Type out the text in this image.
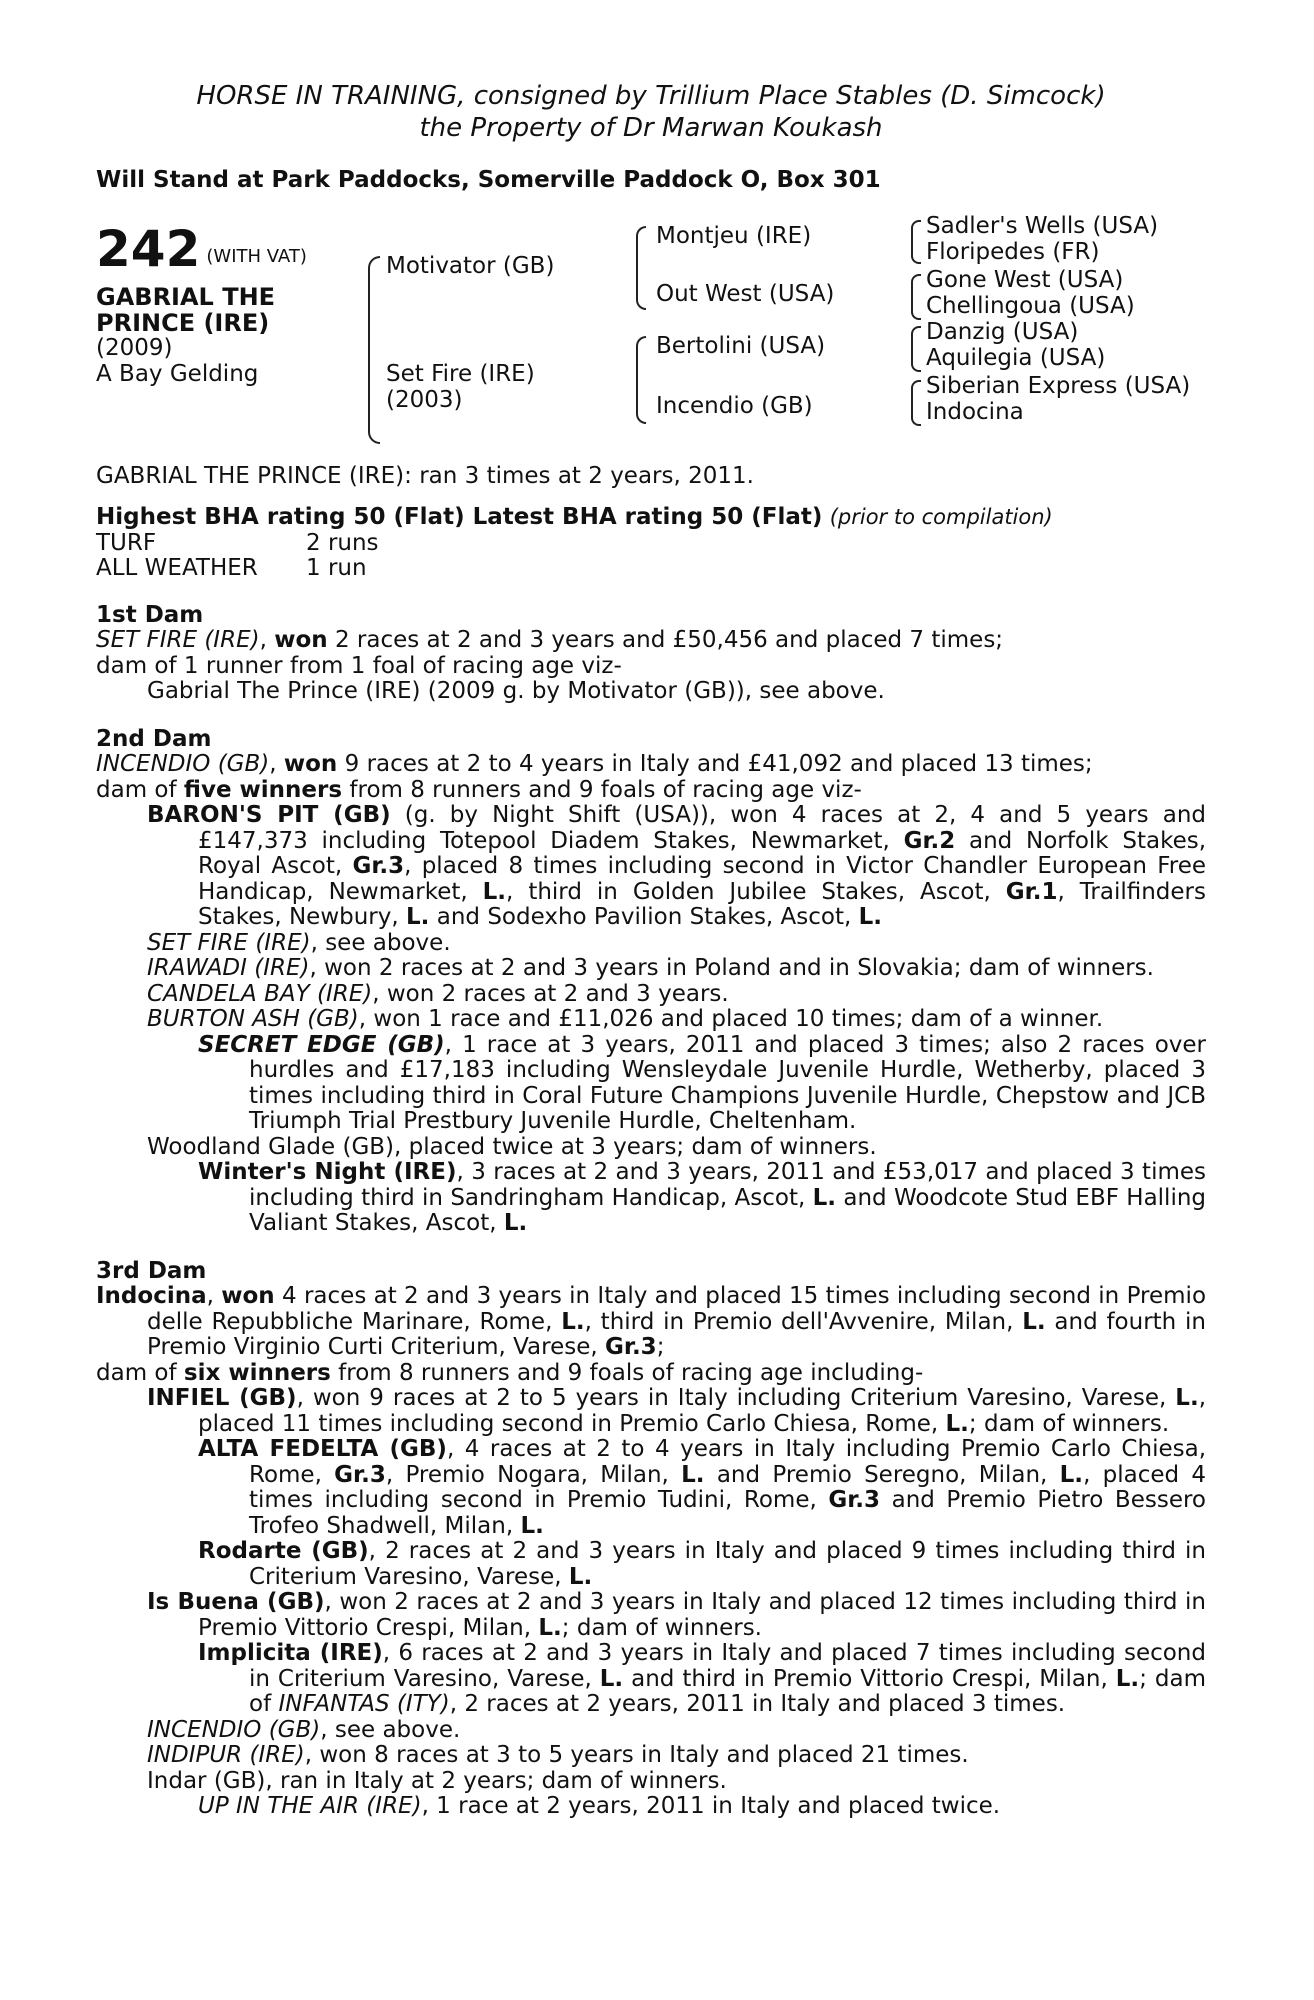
HORSE IN TRAINING, consigned by Trillium Place Stables (D. Simcock)
the Property of Dr Marwan Koukash
Will Stand at Park Paddocks, Somerville Paddock O, Box 301
242 (WITH VAT)
GABRIAL THE
PRINCE (IRE)
(2009)
A Bay Gelding
Motivator (GB)
Set Fire (IRE)
(2003)
Montjeu (IRE)
Out West (USA)
Bertolini (USA)
Incendio (GB)
Sadler's Wells (USA)
Floripedes (FR)
Gone West (USA)
Chellingoua (USA)
Danzig (USA)
Aquilegia (USA)
Siberian Express (USA)
Indocina
GABRIAL THE PRINCE (IRE): ran 3 times at 2 years, 2011.
Highest BHA rating 50 (Flat) Latest BHA rating 50 (Flat) (prior to compilation)
TURF	2 runs
ALL WEATHER	1 run
1st Dam
SET FIRE (IRE), won 2 races at 2 and 3 years and £50,456 and placed 7 times;
dam of 1 runner from 1 foal of racing age viz-
Gabrial The Prince (IRE) (2009 g. by Motivator (GB)), see above.
2nd Dam
INCENDIO (GB), won 9 races at 2 to 4 years in Italy and £41,092 and placed 13 times;
dam of five winners from 8 runners and 9 foals of racing age viz-
BARON'S PIT (GB) (g. by Night Shift (USA)), won 4 races at 2, 4 and 5 years and £147,373 including Totepool Diadem Stakes, Newmarket, Gr.2 and Norfolk Stakes, Royal Ascot, Gr.3, placed 8 times including second in Victor Chandler European Free Handicap, Newmarket, L., third in Golden Jubilee Stakes, Ascot, Gr.1, Trailfinders Stakes, Newbury, L. and Sodexho Pavilion Stakes, Ascot, L.
SET FIRE (IRE), see above.
IRAWADI (IRE), won 2 races at 2 and 3 years in Poland and in Slovakia; dam of winners.
CANDELA BAY (IRE), won 2 races at 2 and 3 years.
BURTON ASH (GB), won 1 race and £11,026 and placed 10 times; dam of a winner.
SECRET EDGE (GB), 1 race at 3 years, 2011 and placed 3 times; also 2 races over hurdles and £17,183 including Wensleydale Juvenile Hurdle, Wetherby, placed 3 times including third in Coral Future Champions Juvenile Hurdle, Chepstow and JCB Triumph Trial Prestbury Juvenile Hurdle, Cheltenham.
Woodland Glade (GB), placed twice at 3 years; dam of winners.
Winter's Night (IRE), 3 races at 2 and 3 years, 2011 and £53,017 and placed 3 times including third in Sandringham Handicap, Ascot, L. and Woodcote Stud EBF Halling Valiant Stakes, Ascot, L.
3rd Dam
Indocina, won 4 races at 2 and 3 years in Italy and placed 15 times including second in Premio delle Repubbliche Marinare, Rome, L., third in Premio dell'Avvenire, Milan, L. and fourth in Premio Virginio Curti Criterium, Varese, Gr.3;
dam of six winners from 8 runners and 9 foals of racing age including-
INFIEL (GB), won 9 races at 2 to 5 years in Italy including Criterium Varesino, Varese, L., placed 11 times including second in Premio Carlo Chiesa, Rome, L.; dam of winners.
ALTA FEDELTA (GB), 4 races at 2 to 4 years in Italy including Premio Carlo Chiesa, Rome, Gr.3, Premio Nogara, Milan, L. and Premio Seregno, Milan, L., placed 4 times including second in Premio Tudini, Rome, Gr.3 and Premio Pietro Bessero Trofeo Shadwell, Milan, L.
Rodarte (GB), 2 races at 2 and 3 years in Italy and placed 9 times including third in Criterium Varesino, Varese, L.
Is Buena (GB), won 2 races at 2 and 3 years in Italy and placed 12 times including third in Premio Vittorio Crespi, Milan, L.; dam of winners.
Implicita (IRE), 6 races at 2 and 3 years in Italy and placed 7 times including second in Criterium Varesino, Varese, L. and third in Premio Vittorio Crespi, Milan, L.; dam of INFANTAS (ITY), 2 races at 2 years, 2011 in Italy and placed 3 times.
INCENDIO (GB), see above.
INDIPUR (IRE), won 8 races at 3 to 5 years in Italy and placed 21 times.
Indar (GB), ran in Italy at 2 years; dam of winners.
UP IN THE AIR (IRE), 1 race at 2 years, 2011 in Italy and placed twice.
